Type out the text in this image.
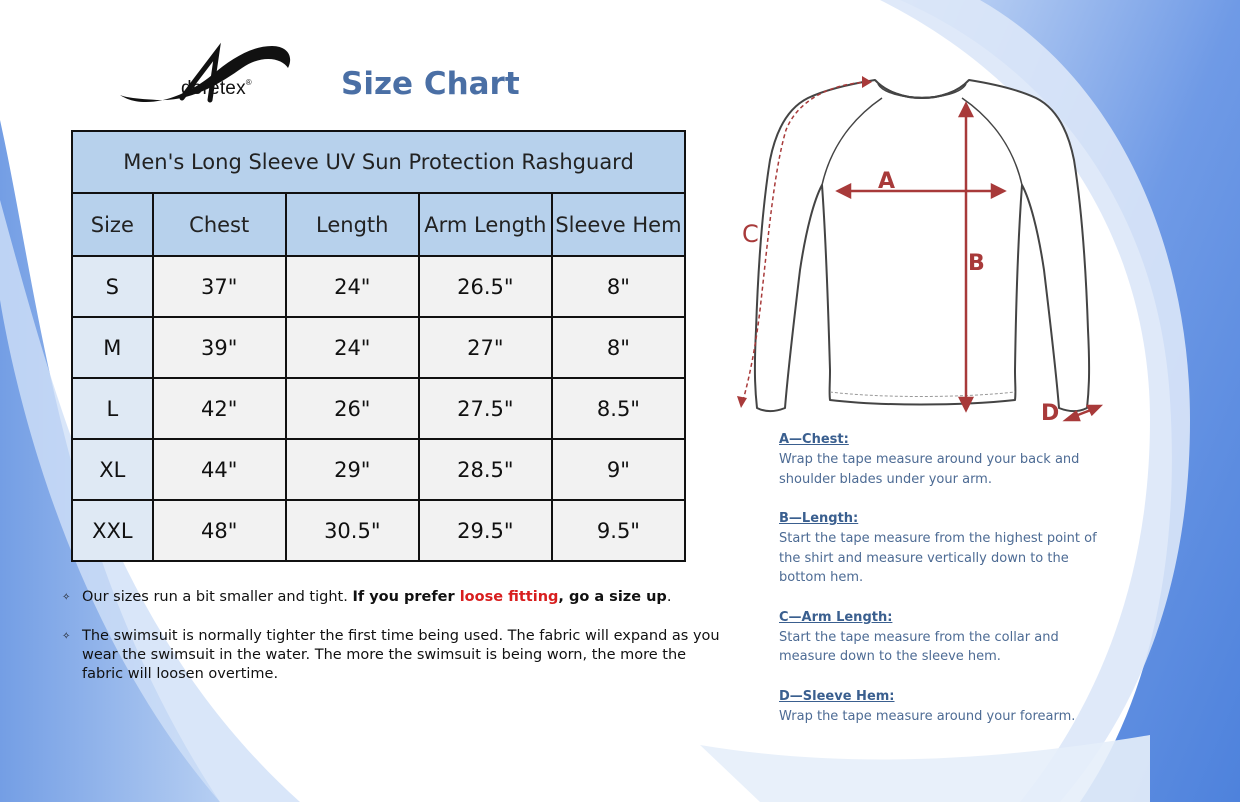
doretex®	Size Chart
Men's Long Sleeve UV Sun Protection Rashguard				
Size	Chest	Length	Arm Length	Sleeve Hem
S	37"	24"	26.5"	8"
M	39"	24"	27"	8"
L	42"	26"	27.5"	8.5"
XL	44"	29"	28.5"	9"
XXL	48"	30.5"	29.5"	9.5"
✧ Our sizes run a bit smaller and tight. If you prefer loose fitting, go a size up.
✧ The swimsuit is normally tighter the first time being used. The fabric will expand as you wear the swimsuit in the water. The more the swimsuit is being worn, the more the fabric will loosen overtime.
A
B
C
D
A—Chest:
Wrap the tape measure around your back and shoulder blades under your arm.
B—Length:
Start the tape measure from the highest point of the shirt and measure vertically down to the bottom hem.
C—Arm Length:
Start the tape measure from the collar and measure down to the sleeve hem.
D—Sleeve Hem:
Wrap the tape measure around your forearm.
